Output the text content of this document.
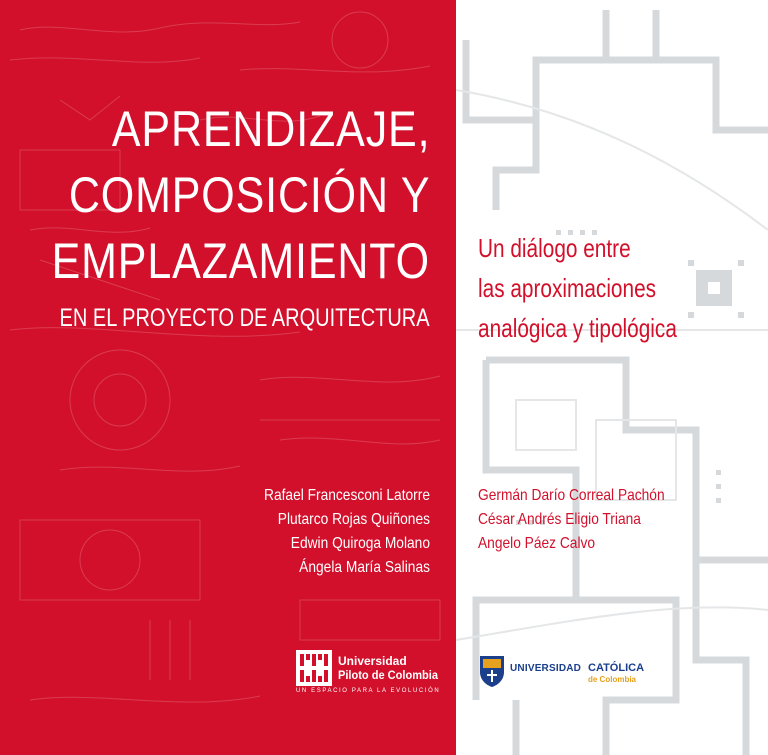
APRENDIZAJE,
COMPOSICIÓN Y
EMPLAZAMIENTO
EN EL PROYECTO DE ARQUITECTURA
Un diálogo entre
las aproximaciones
analógica y tipológica
Rafael Francesconi Latorre
Plutarco Rojas Quiñones
Edwin Quiroga Molano
Ángela María Salinas
Germán Darío Correal Pachón
César Andrés Eligio Triana
Angelo Páez Calvo
Universidad
Piloto de Colombia
UN ESPACIO PARA LA EVOLUCIÓN
UNIVERSIDAD CATÓLICA
de Colombia
